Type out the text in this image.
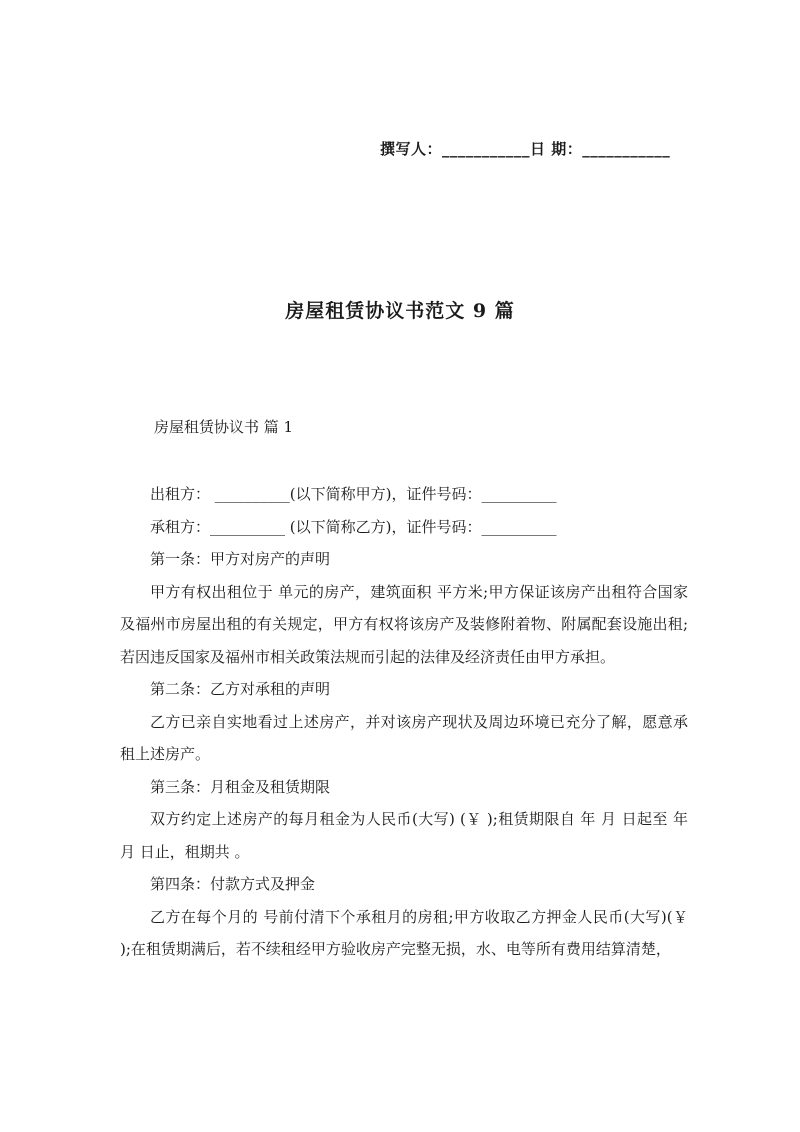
撰写人：___________日 期：___________
房屋租赁协议书范文 9 篇
房屋租赁协议书 篇 1

出租方： __________(以下简称甲方)，证件号码：__________

承租方：__________ (以下简称乙方)，证件号码：__________

第一条：甲方对房产的声明

甲方有权出租位于 单元的房产，建筑面积 平方米;甲方保证该房产出租符合国家及福州市房屋出租的有关规定，甲方有权将该房产及装修附着物、附属配套设施出租;若因违反国家及福州市相关政策法规而引起的法律及经济责任由甲方承担。

第二条：乙方对承租的声明

乙方已亲自实地看过上述房产，并对该房产现状及周边环境已充分了解，愿意承租上述房产。

第三条：月租金及租赁期限

双方约定上述房产的每月租金为人民币(大写) (￥ );租赁期限自 年 月 日起至 年 月 日止，租期共 。

第四条：付款方式及押金

乙方在每个月的 号前付清下个承租月的房租;甲方收取乙方押金人民币(大写)(￥ );在租赁期满后，若不续租经甲方验收房产完整无损，水、电等所有费用结算清楚，
